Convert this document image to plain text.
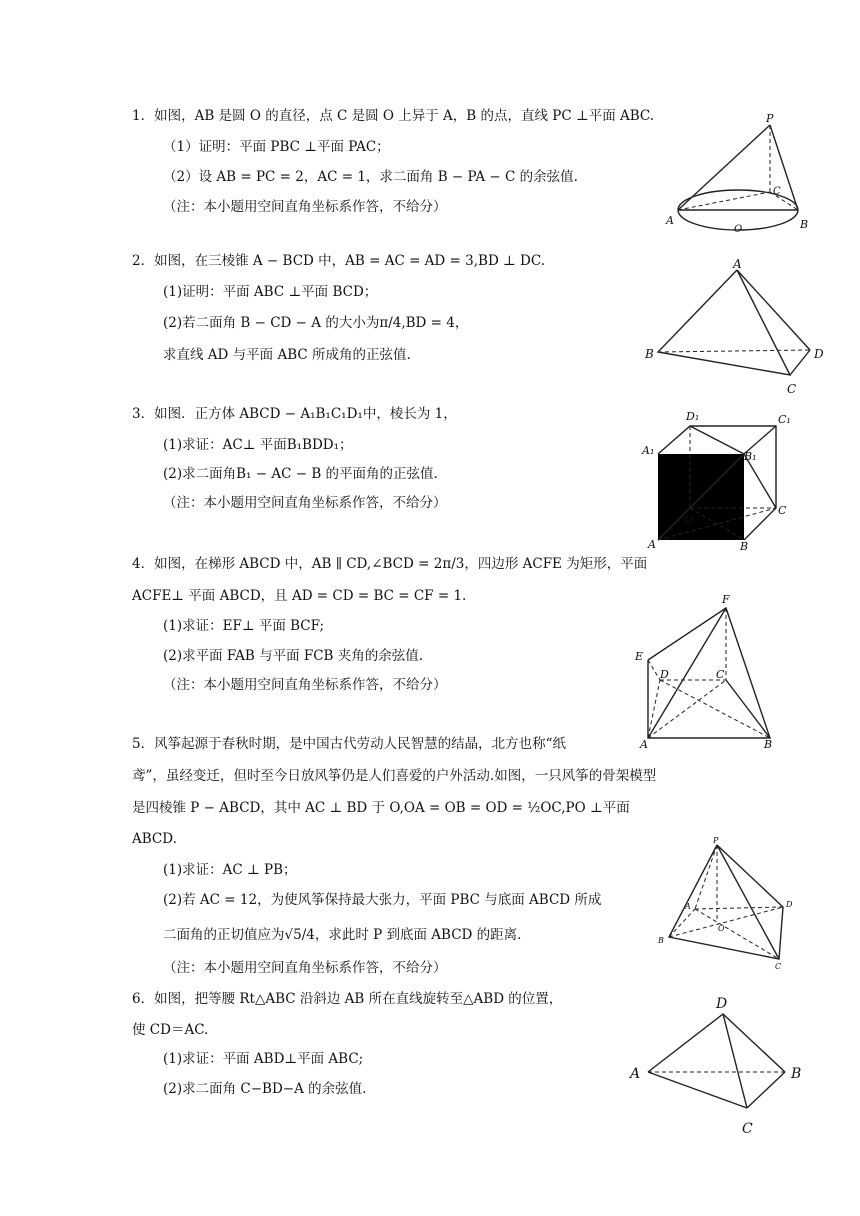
1．如图，AB 是圆 O 的直径，点 C 是圆 O 上异于 A，B 的点，直线 PC ⊥平面 ABC.
（1）证明：平面 PBC ⊥平面 PAC；
（2）设 AB = PC = 2，AC = 1，求二面角 B − PA − C 的余弦值.
（注：本小题用空间直角坐标系作答，不给分）
P
C
A
O	B
2．如图，在三棱锥 A − BCD 中，AB = AC = AD = 3,BD ⊥ DC.
(1)证明：平面 ABC ⊥平面 BCD；
(2)若二面角 B − CD − A 的大小为π/4,BD = 4，
求直线 AD 与平面 ABC 所成角的正弦值.
A
B	D
C
3．如图．正方体 ABCD − A₁B₁C₁D₁中，棱长为 1，
(1)求证：AC⊥ 平面B₁BDD₁；
(2)求二面角B₁ − AC − B 的平面角的正弦值.
（注：本小题用空间直角坐标系作答，不给分）
D₁	C₁
A₁	B₁
D
C
A	B
4．如图，在梯形 ABCD 中，AB ∥ CD,∠BCD = 2π/3，四边形 ACFE 为矩形，平面
ACFE⊥ 平面 ABCD，且 AD = CD = BC = CF = 1.
(1)求证：EF⊥ 平面 BCF;
(2)求平面 FAB 与平面 FCB 夹角的余弦值.
（注：本小题用空间直角坐标系作答，不给分）
F
E
D	C
A	B
5．风筝起源于春秋时期，是中国古代劳动人民智慧的结晶，北方也称“纸
鸢”，虽经变迁，但时至今日放风筝仍是人们喜爱的户外活动.如图，一只风筝的骨架模型
是四棱锥 P − ABCD，其中 AC ⊥ BD 于 O,OA = OB = OD = ½OC,PO ⊥平面
ABCD.
(1)求证：AC ⊥ PB；
(2)若 AC = 12，为使风筝保持最大张力，平面 PBC 与底面 ABCD 所成
二面角的正切值应为√5/4，求此时 P 到底面 ABCD 的距离.
（注：本小题用空间直角坐标系作答，不给分）
P
A	D
O
B
C
6．如图，把等腰 Rt△ABC 沿斜边 AB 所在直线旋转至△ABD 的位置，
使 CD＝AC.
(1)求证：平面 ABD⊥平面 ABC;
(2)求二面角 C−BD−A 的余弦值.
D
A	B
C
